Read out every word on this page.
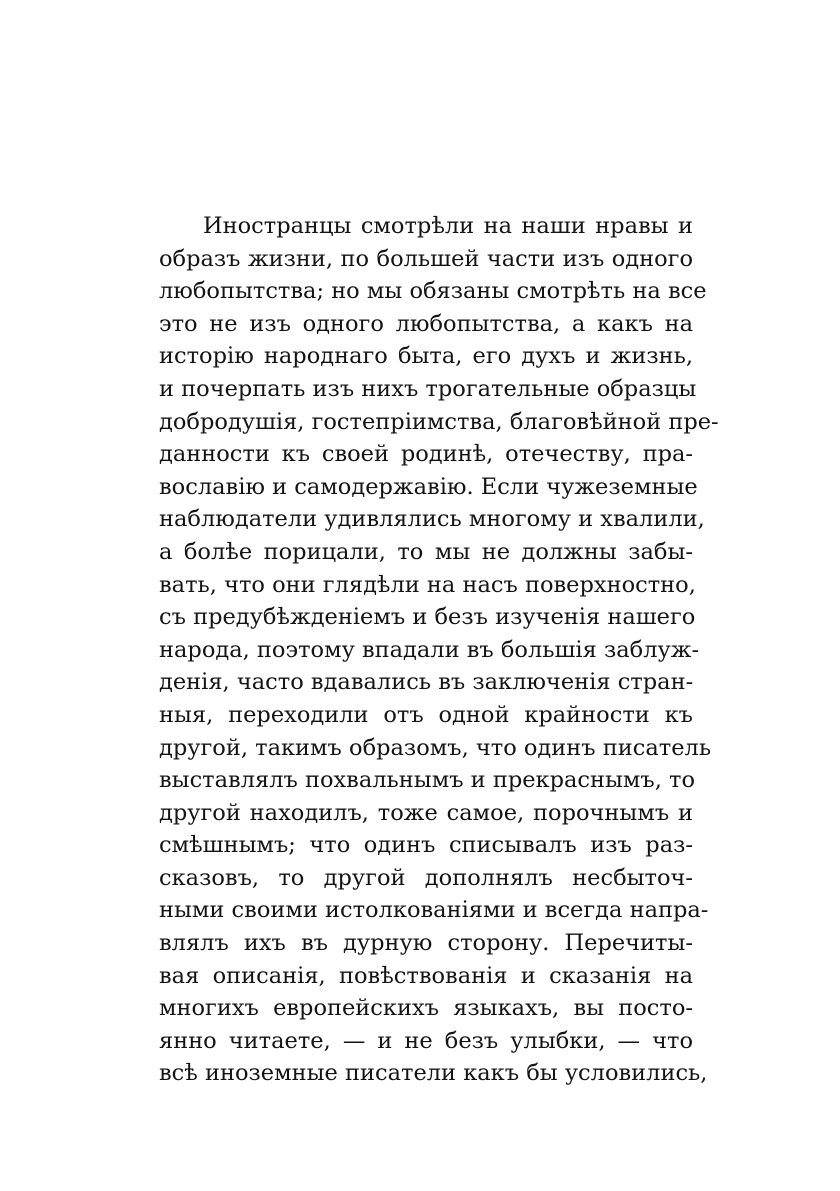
Иностранцы смотрѣли на наши нравы и
образъ жизни, по большей части изъ одного
любопытства; но мы обязаны смотрѣть на все
это не изъ одного любопытства, а какъ на
исторію народнаго быта, его духъ и жизнь,
и почерпать изъ нихъ трогательные образцы
добродушія, гостепріимства, благовѣйной пре-
данности къ своей родинѣ, отечеству, пра-
вославію и самодержавію. Если чужеземные
наблюдатели удивлялись многому и хвалили,
а болѣе порицали, то мы не должны забы-
вать, что они глядѣли на насъ поверхностно,
съ предубѣжденіемъ и безъ изученія нашего
народа, поэтому впадали въ большія заблуж-
денія, часто вдавались въ заключенія стран-
ныя, переходили отъ одной крайности къ
другой, такимъ образомъ, что одинъ писатель
выставлялъ похвальнымъ и прекраснымъ, то
другой находилъ, тоже самое, порочнымъ и
смѣшнымъ; что одинъ списывалъ изъ раз-
сказовъ, то другой дополнялъ несбыточ-
ными своими истолкованіями и всегда напра-
влялъ ихъ въ дурную сторону. Перечиты-
вая описанія, повѣствованія и сказанія на
многихъ европейскихъ языкахъ, вы посто-
янно читаете, — и не безъ улыбки, — что
всѣ иноземные писатели какъ бы условились,
